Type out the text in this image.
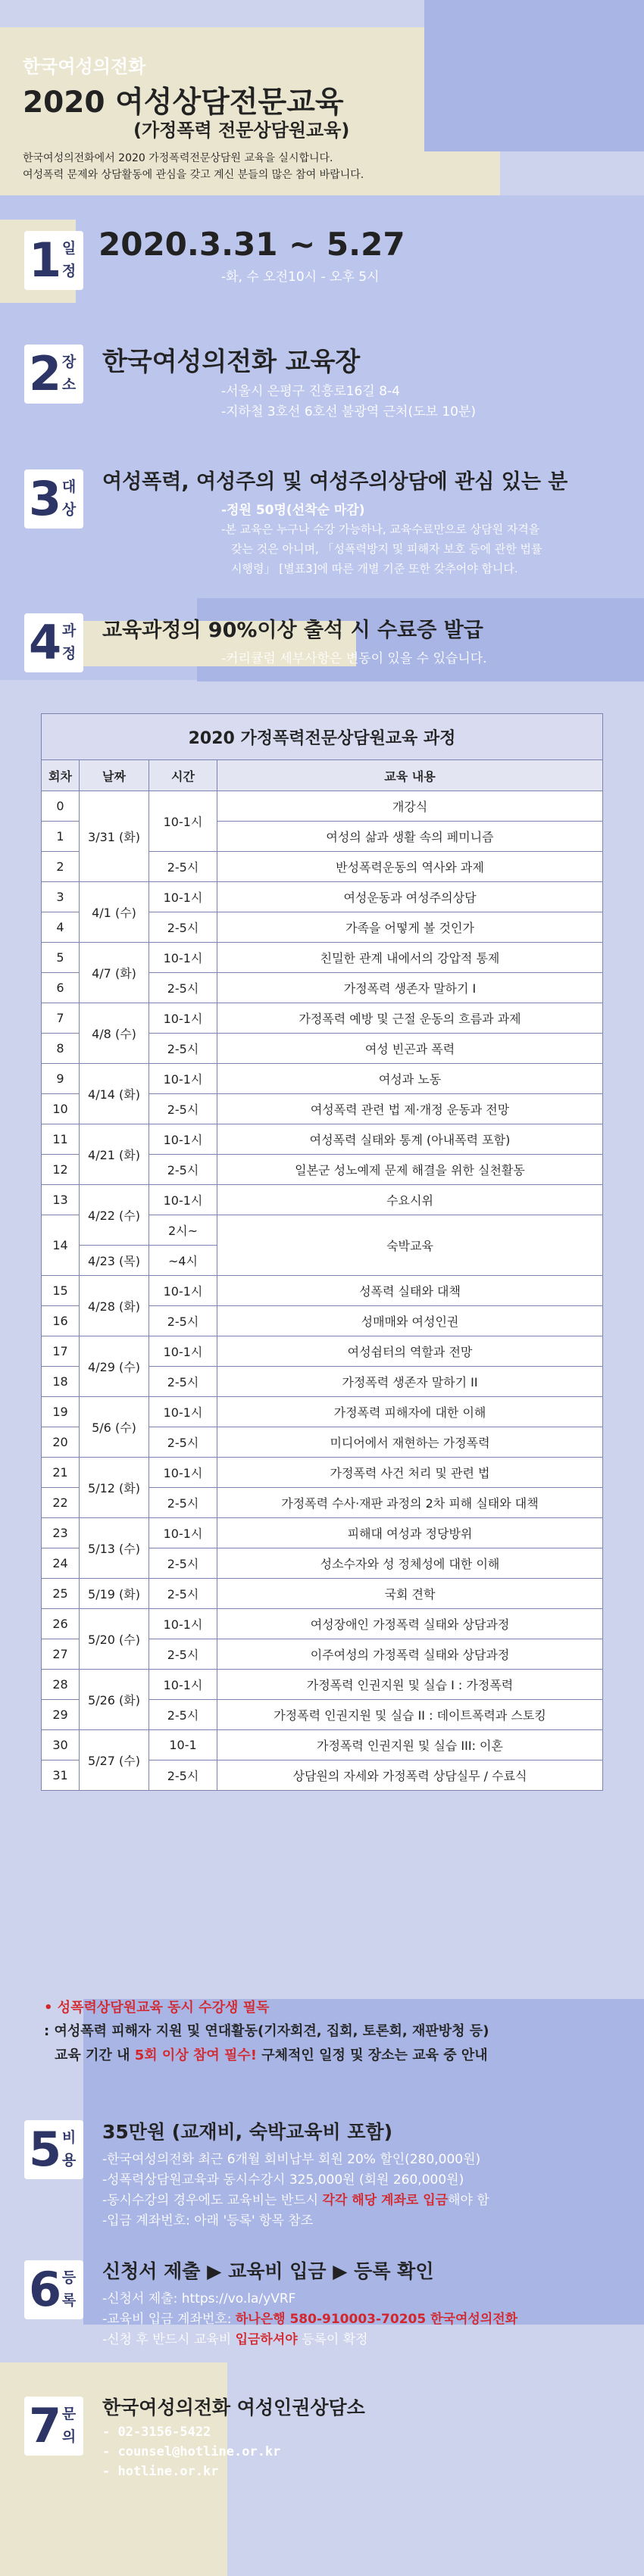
한국여성의전화
2020 여성상담전문교육
(가정폭력 전문상담원교육)
한국여성의전화에서 2020 가정폭력전문상담원 교육을 실시합니다.
여성폭력 문제와 상담활동에 관심을 갖고 계신 분들의 많은 참여 바랍니다.
1 일정
2020.3.31 ~ 5.27
-화, 수 오전10시 - 오후 5시
2 장소
한국여성의전화 교육장
-서울시 은평구 진흥로16길 8-4
-지하철 3호선 6호선 불광역 근처(도보 10분)
3 대상
여성폭력, 여성주의 및 여성주의상담에 관심 있는 분
-정원 50명(선착순 마감)
-본 교육은 누구나 수강 가능하나, 교육수료만으로 상담원 자격을
갖는 것은 아니며, 「성폭력방지 및 피해자 보호 등에 관한 법률
시행령」 [별표3]에 따른 개별 기준 또한 갖추어야 합니다.
4 과정
교육과정의 90%이상 출석 시 수료증 발급
-커리큘럼 세부사항은 변동이 있을 수 있습니다.
2020 가정폭력전문상담원교육 과정			
회차	날짜	시간	교육 내용
0	3/31 (화)	10-1시	개강식
1			여성의 삶과 생활 속의 페미니즘
2		2-5시	반성폭력운동의 역사와 과제
3	4/1 (수)	10-1시	여성운동과 여성주의상담
4		2-5시	가족을 어떻게 볼 것인가
5	4/7 (화)	10-1시	친밀한 관계 내에서의 강압적 통제
6		2-5시	가정폭력 생존자 말하기 I
7	4/8 (수)	10-1시	가정폭력 예방 및 근절 운동의 흐름과 과제
8		2-5시	여성 빈곤과 폭력
9	4/14 (화)	10-1시	여성과 노동
10		2-5시	여성폭력 관련 법 제·개정 운동과 전망
11	4/21 (화)	10-1시	여성폭력 실태와 통계 (아내폭력 포함)
12		2-5시	일본군 성노예제 문제 해결을 위한 실천활동
13	4/22 (수)	10-1시	수요시위
14		2시~	숙박교육
	4/23 (목)	~4시	
15	4/28 (화)	10-1시	성폭력 실태와 대책
16		2-5시	성매매와 여성인권
17	4/29 (수)	10-1시	여성쉼터의 역할과 전망
18		2-5시	가정폭력 생존자 말하기 II
19	5/6 (수)	10-1시	가정폭력 피해자에 대한 이해
20		2-5시	미디어에서 재현하는 가정폭력
21	5/12 (화)	10-1시	가정폭력 사건 처리 및 관련 법
22		2-5시	가정폭력 수사·재판 과정의 2차 피해 실태와 대책
23	5/13 (수)	10-1시	피해대 여성과 정당방위
24		2-5시	성소수자와 성 정체성에 대한 이해
25	5/19 (화)	2-5시	국회 견학
26	5/20 (수)	10-1시	여성장애인 가정폭력 실태와 상담과정
27		2-5시	이주여성의 가정폭력 실태와 상담과정
28	5/26 (화)	10-1시	가정폭력 인권지원 및 실습 I : 가정폭력
29		2-5시	가정폭력 인권지원 및 실습 II : 데이트폭력과 스토킹
30	5/27 (수)	10-1	가정폭력 인권지원 및 실습 III: 이혼
31		2-5시	상담원의 자세와 가정폭력 상담실무 / 수료식
• 성폭력상담원교육 동시 수강생 필독
: 여성폭력 피해자 지원 및 연대활동(기자회견, 집회, 토론회, 재판방청 등)
교육 기간 내 5회 이상 참여 필수! 구체적인 일정 및 장소는 교육 중 안내
5 비용
35만원 (교재비, 숙박교육비 포함)
-한국여성의전화 최근 6개월 회비납부 회원 20% 할인(280,000원)
-성폭력상담원교육과 동시수강시 325,000원 (회원 260,000원)
-동시수강의 경우에도 교육비는 반드시 각각 해당 계좌로 입금해야 함
-입금 계좌번호: 아래 '등록' 항목 참조
6 등록
신청서 제출 ▶ 교육비 입금 ▶ 등록 확인
-신청서 제출: https://vo.la/yVRF
-교육비 입금 계좌번호: 하나은행 580-910003-70205 한국여성의전화
-신청 후 반드시 교육비 입금하셔야 등록이 확정
7 문의
한국여성의전화 여성인권상담소
- 02-3156-5422
- counsel@hotline.or.kr
- hotline.or.kr
